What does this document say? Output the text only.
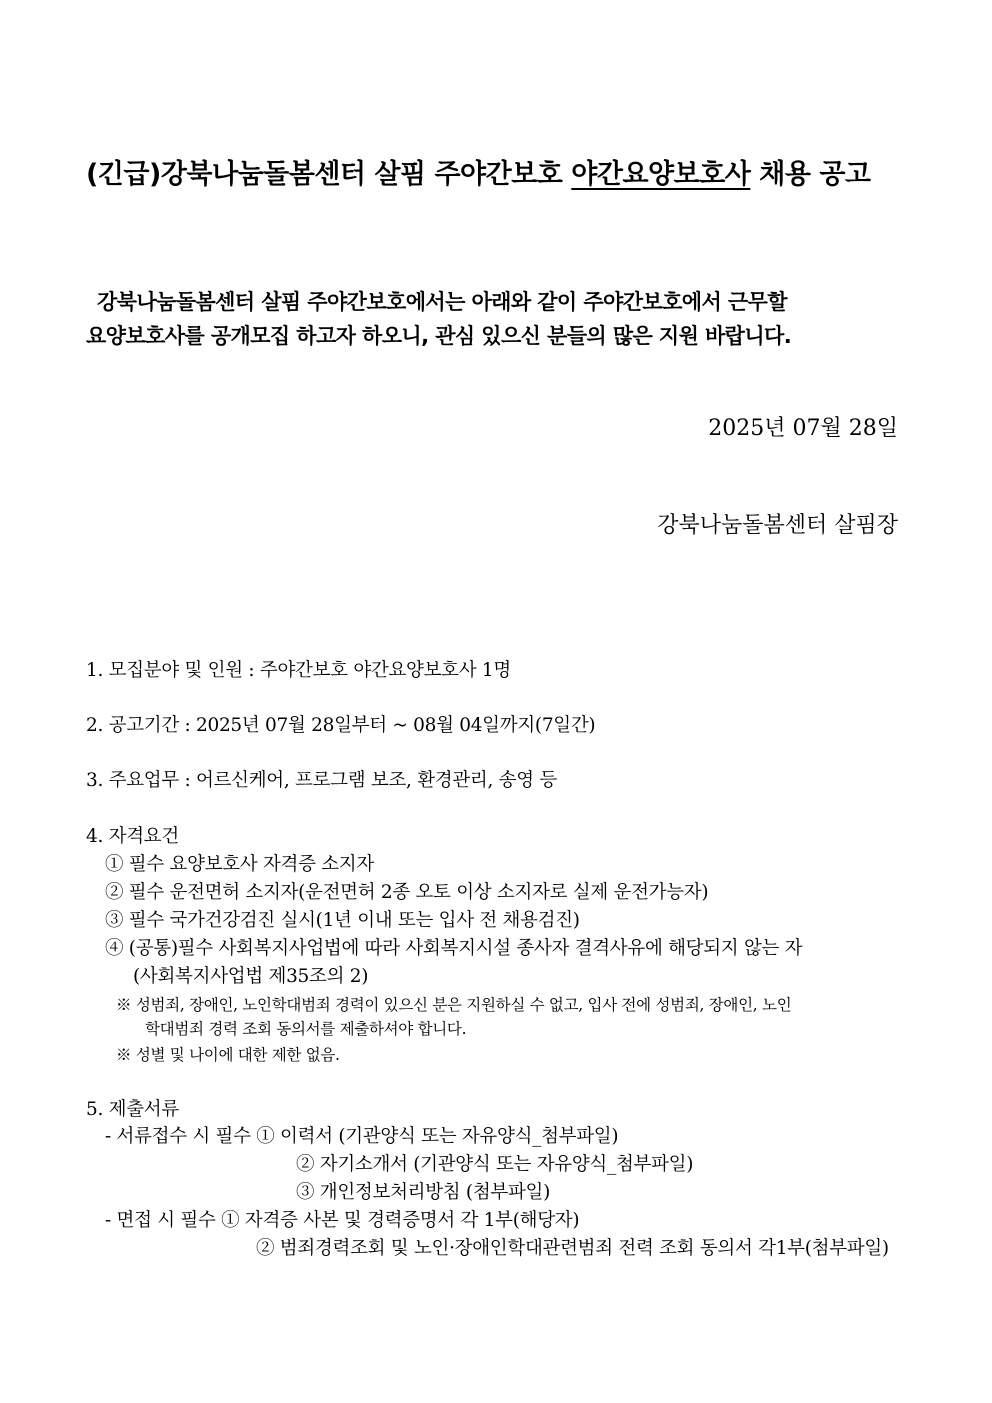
(긴급)강북나눔돌봄센터 살핌 주야간보호 야간요양보호사 채용 공고
강북나눔돌봄센터 살핌 주야간보호에서는 아래와 같이 주야간보호에서 근무할
요양보호사를 공개모집 하고자 하오니, 관심 있으신 분들의 많은 지원 바랍니다.
2025년 07월 28일
강북나눔돌봄센터 살핌장
1. 모집분야 및 인원 : 주야간보호 야간요양보호사 1명
2. 공고기간 : 2025년 07월 28일부터 ~ 08월 04일까지(7일간)
3. 주요업무 : 어르신케어, 프로그램 보조, 환경관리, 송영 등
4. 자격요건
① 필수 요양보호사 자격증 소지자
② 필수 운전면허 소지자(운전면허 2종 오토 이상 소지자로 실제 운전가능자)
③ 필수 국가건강검진 실시(1년 이내 또는 입사 전 채용검진)
④ (공통)필수 사회복지사업법에 따라 사회복지시설 종사자 결격사유에 해당되지 않는 자
(사회복지사업법 제35조의 2)
※ 성범죄, 장애인, 노인학대범죄 경력이 있으신 분은 지원하실 수 없고, 입사 전에 성범죄, 장애인, 노인
학대범죄 경력 조회 동의서를 제출하셔야 합니다.
※ 성별 및 나이에 대한 제한 없음.
5. 제출서류
- 서류접수 시 필수 ① 이력서 (기관양식 또는 자유양식_첨부파일)
② 자기소개서 (기관양식 또는 자유양식_첨부파일)
③ 개인정보처리방침 (첨부파일)
- 면접 시 필수 ① 자격증 사본 및 경력증명서 각 1부(해당자)
② 범죄경력조회 및 노인·장애인학대관련범죄 전력 조회 동의서 각1부(첨부파일)
